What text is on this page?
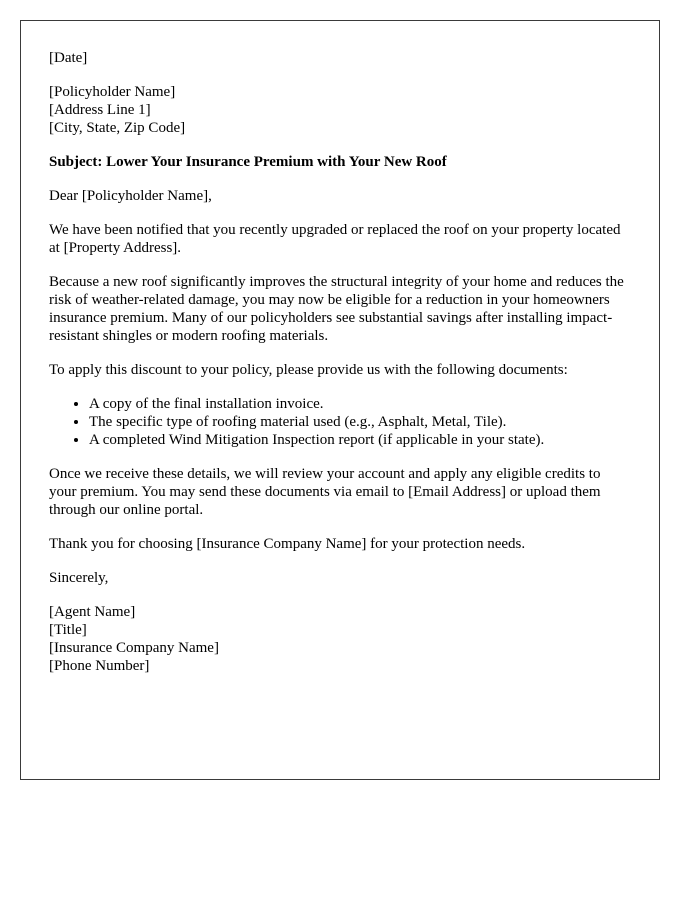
[Date]
[Policyholder Name]
[Address Line 1]
[City, State, Zip Code]
Subject: Lower Your Insurance Premium with Your New Roof
Dear [Policyholder Name],

We have been notified that you recently upgraded or replaced the roof on your property located at [Property Address].

Because a new roof significantly improves the structural integrity of your home and reduces the risk of weather-related damage, you may now be eligible for a reduction in your homeowners insurance premium. Many of our policyholders see substantial savings after installing impact-resistant shingles or modern roofing materials.

To apply this discount to your policy, please provide us with the following documents:

• A copy of the final installation invoice.
• The specific type of roofing material used (e.g., Asphalt, Metal, Tile).
• A completed Wind Mitigation Inspection report (if applicable in your state).

Once we receive these details, we will review your account and apply any eligible credits to your premium. You may send these documents via email to [Email Address] or upload them through our online portal.

Thank you for choosing [Insurance Company Name] for your protection needs.

Sincerely,
[Agent Name]
[Title]
[Insurance Company Name]
[Phone Number]
